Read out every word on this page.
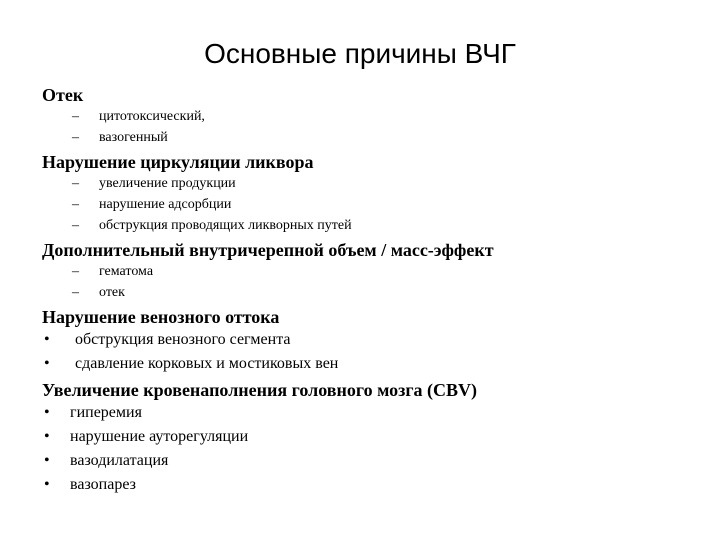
Основные причины ВЧГ
Отек
– цитотоксический,
– вазогенный
Нарушение циркуляции ликвора
– увеличение продукции
– нарушение адсорбции
– обструкция проводящих ликворных путей
Дополнительный внутричерепной объем / масс-эффект
– гематома
– отек
Нарушение венозного оттока
• обструкция венозного сегмента
• сдавление корковых и мостиковых вен
Увеличение кровенаполнения головного мозга (CBV)
• гиперемия
• нарушение ауторегуляции
• вазодилатация
• вазопарез
